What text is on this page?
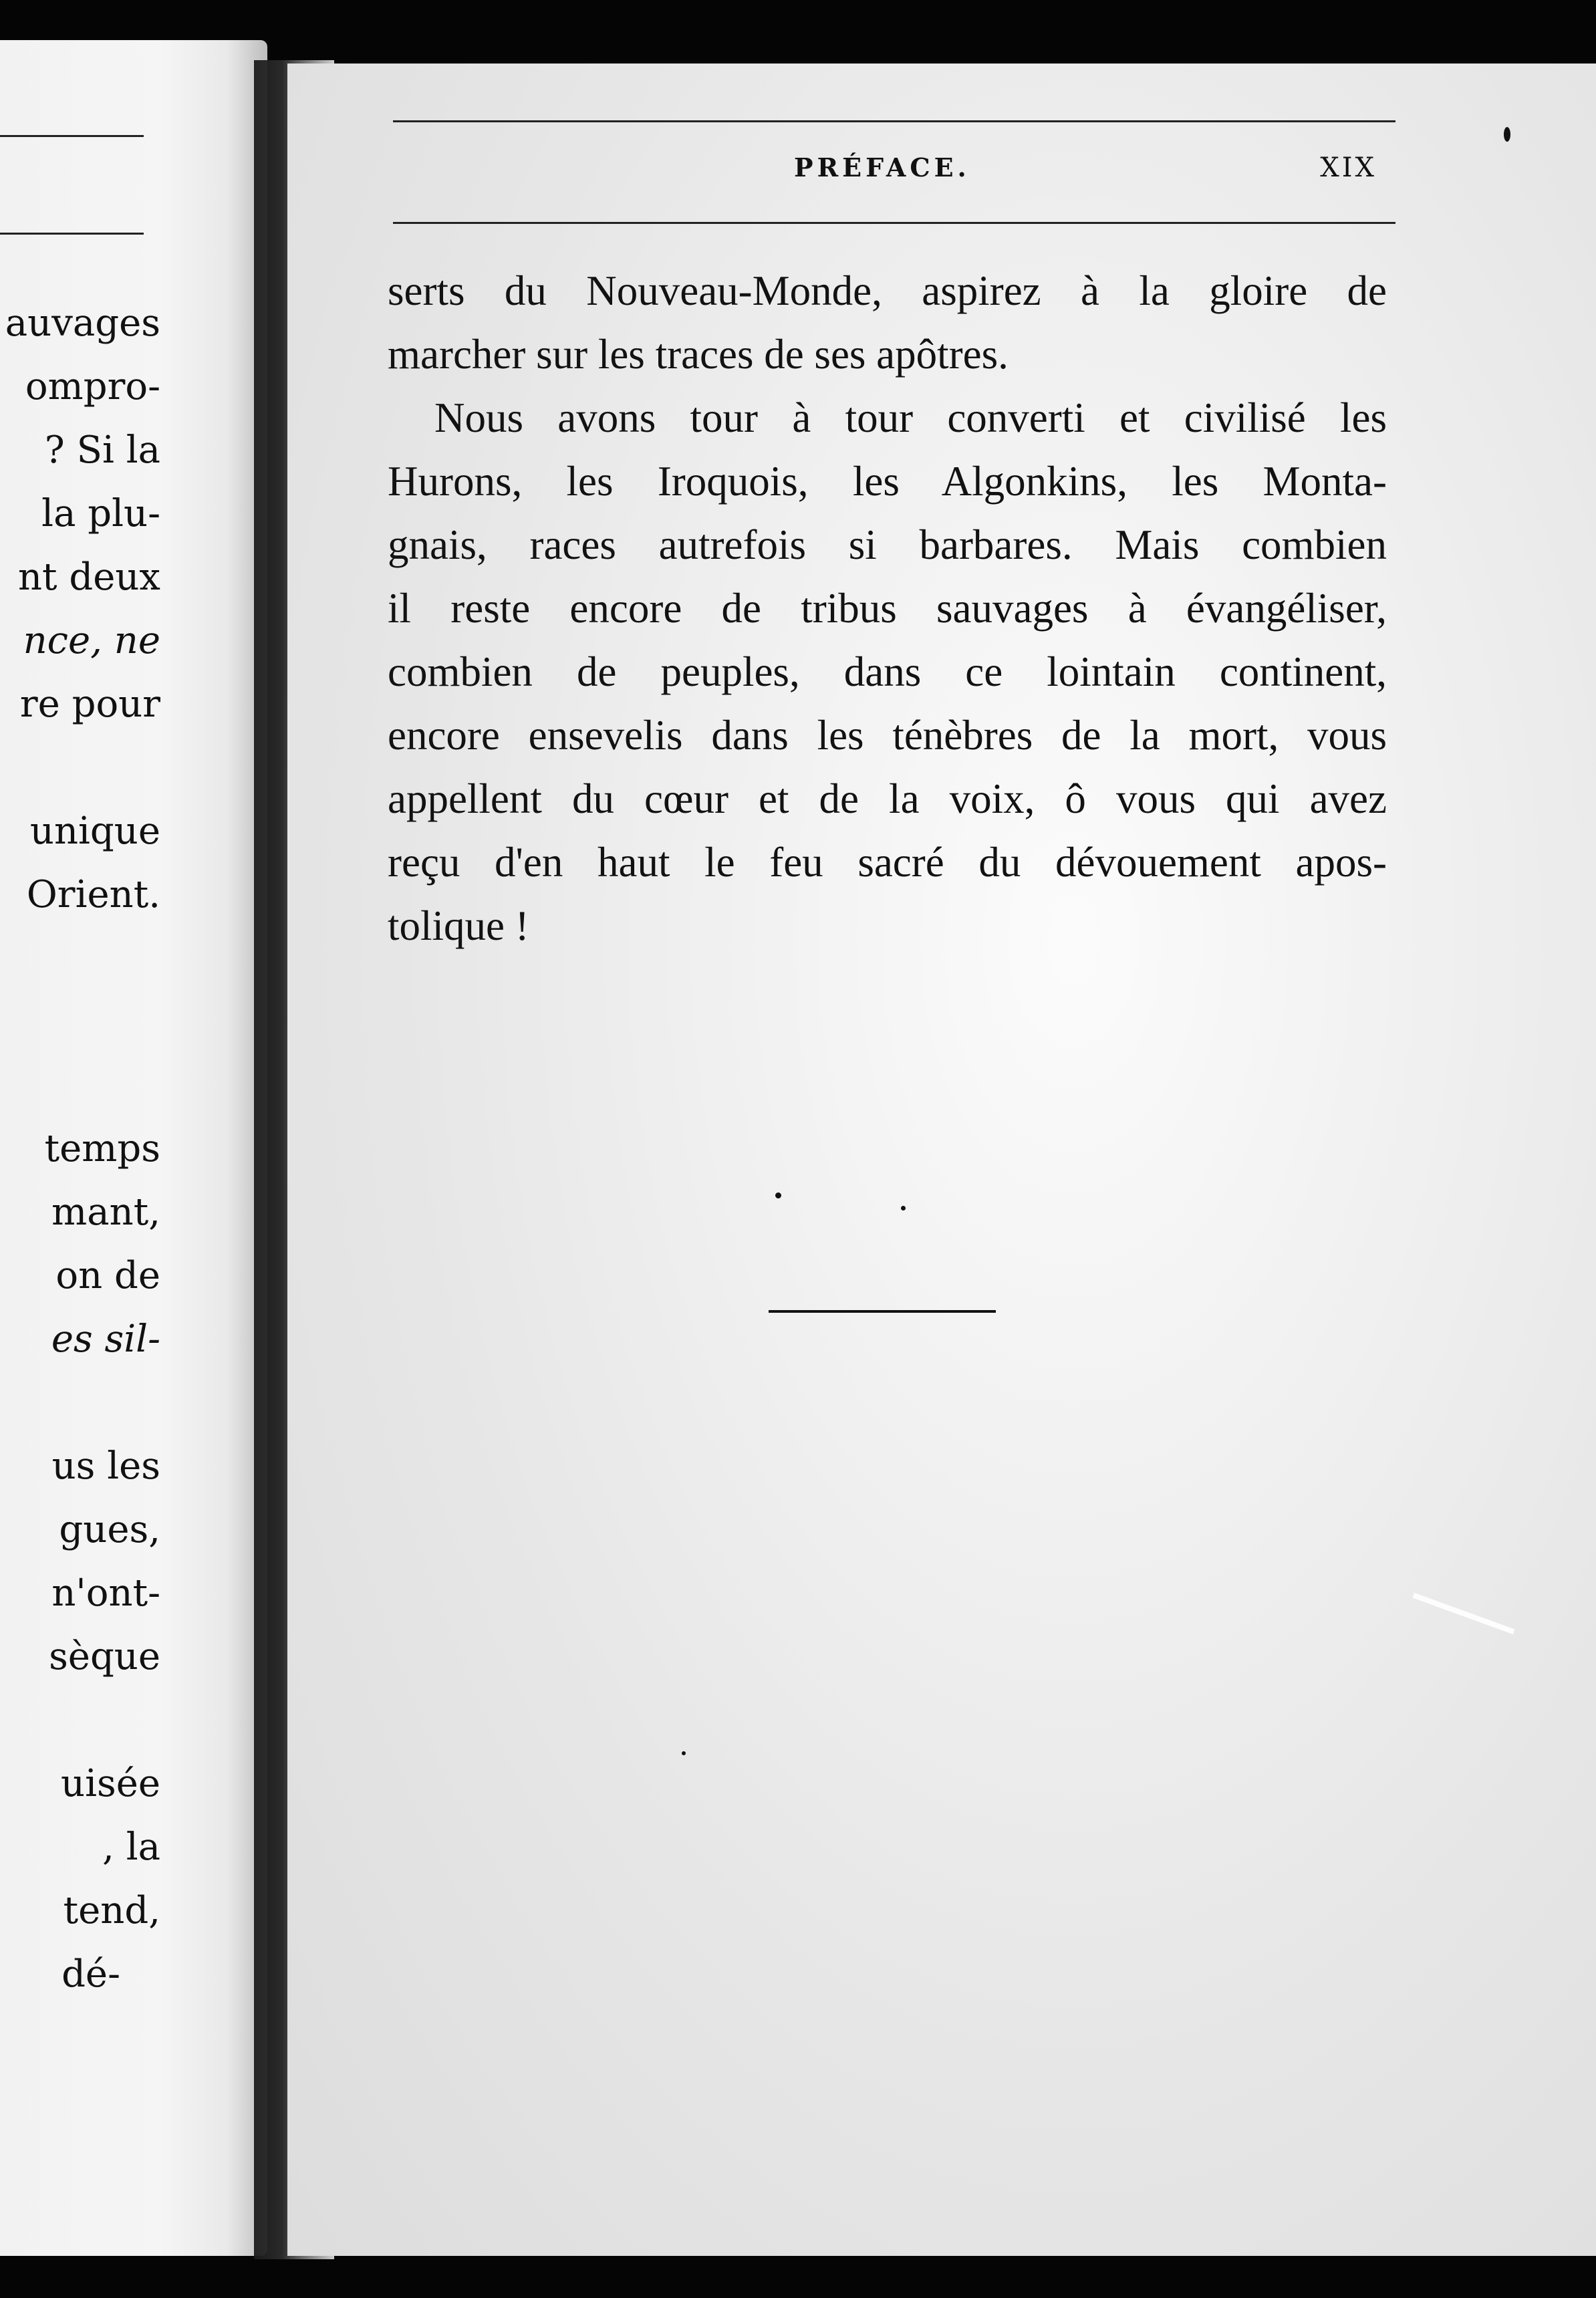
auvages
ompro-
? Si la
la plu-
nt deux
nce, ne
re pour
unique
Orient.
temps
mant,
on de
es sil-
us les
gues,
n'ont-
sèque
uisée
, la
tend,
dé-
PRÉFACE.	XIX
serts du Nouveau-Monde, aspirez à la gloire de
marcher sur les traces de ses apôtres.
Nous avons tour à tour converti et civilisé les
Hurons, les Iroquois, les Algonkins, les Monta-
gnais, races autrefois si barbares. Mais combien
il reste encore de tribus sauvages à évangéliser,
combien de peuples, dans ce lointain continent,
encore ensevelis dans les ténèbres de la mort, vous
appellent du cœur et de la voix, ô vous qui avez
reçu d'en haut le feu sacré du dévouement apos-
tolique !
